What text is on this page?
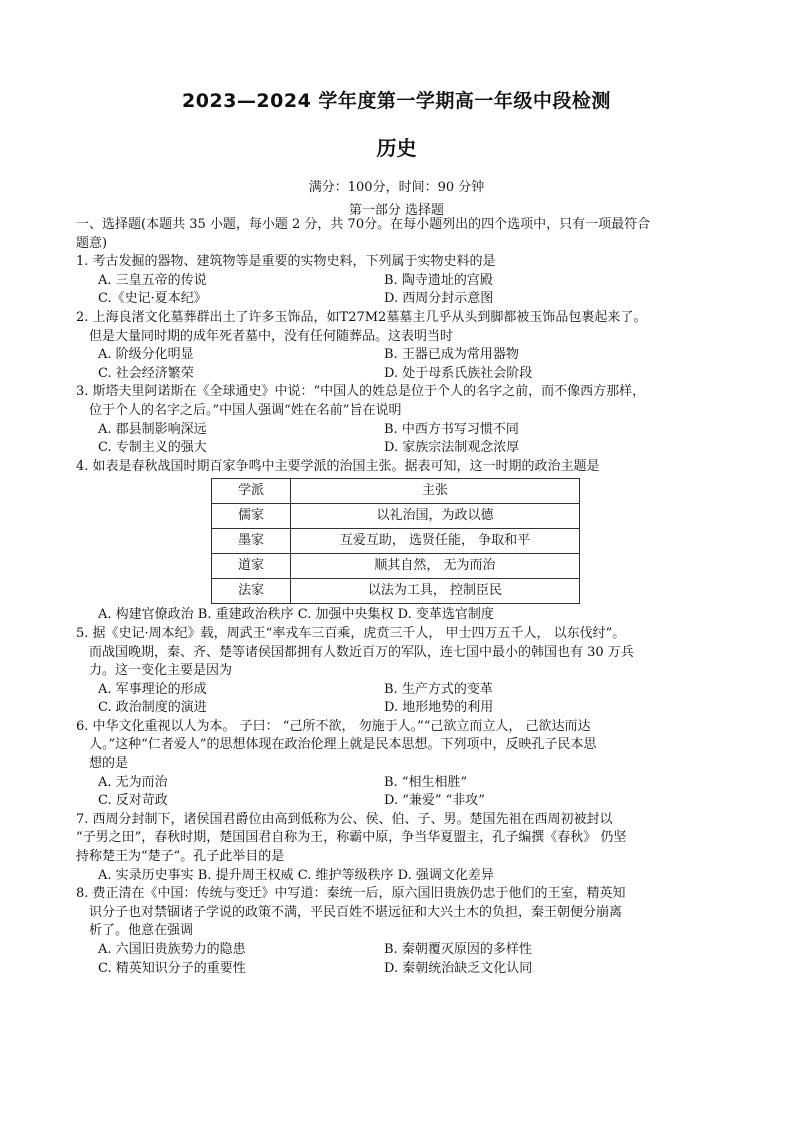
2023—2024 学年度第一学期高一年级中段检测
历史
满分：100分，时间：90 分钟
第一部分 选择题
一、选择题(本题共 35 小题，每小题 2 分，共 70分。在每小题列出的四个选项中，只有一项最符合
题意)
1. 考古发掘的器物、建筑物等是重要的实物史料，下列属于实物史料的是
A. 三皇五帝的传说	B. 陶寺遗址的宫殿
C.《史记·夏本纪》	D. 西周分封示意图
2. 上海良渚文化墓葬群出土了许多玉饰品，如T27M2墓墓主几乎从头到脚都被玉饰品包裹起来了。
但是大量同时期的成年死者墓中，没有任何随葬品。这表明当时
A. 阶级分化明显	B. 王器已成为常用器物
C. 社会经济繁荣	D. 处于母系氏族社会阶段
3. 斯塔夫里阿诺斯在《全球通史》中说：“中国人的姓总是位于个人的名字之前，而不像西方那样，
位于个人的名字之后。”中国人强调“姓在名前”旨在说明
A. 郡县制影响深远	B. 中西方书写习惯不同
C. 专制主义的强大	D. 家族宗法制观念浓厚
4. 如表是春秋战国时期百家争鸣中主要学派的治国主张。据表可知，这一时期的政治主题是
学派	主张
儒家	以礼治国，为政以德
墨家	互爱互助， 选贤任能， 争取和平
道家	顺其自然， 无为而治
法家	以法为工具， 控制臣民
A. 构建官僚政治 B. 重建政治秩序 C. 加强中央集权 D. 变革选官制度
5. 据《史记·周本纪》载，周武王“率戎车三百乘，虎贲三千人， 甲士四万五千人， 以东伐纣”。
而战国晚期，秦、齐、楚等诸侯国都拥有人数近百万的军队，连七国中最小的韩国也有 30 万兵
力。这一变化主要是因为
A. 军事理论的形成	B. 生产方式的变革
C. 政治制度的演进	D. 地形地势的利用
6. 中华文化重视以人为本。 子曰： “己所不欲， 勿施于人。”“己欲立而立人， 己欲达而达
人。”这种“仁者爱人”的思想体现在政治伦理上就是民本思想。下列项中，反映孔子民本思
想的是
A. 无为而治	B. “相生相胜”
C. 反对苛政	D. “兼爱” “非攻”
7. 西周分封制下，诸侯国君爵位由高到低称为公、侯、伯、子、男。楚国先祖在西周初被封以
“子男之田”，春秋时期，楚国国君自称为王，称霸中原，争当华夏盟主，孔子编撰《春秋》 仍坚
持称楚王为“楚子”。孔子此举目的是
A. 实录历史事实 B. 提升周王权威 C. 维护等级秩序 D. 强调文化差异
8. 费正清在《中国：传统与变迁》中写道：秦统一后，原六国旧贵族仍忠于他们的王室，精英知
识分子也对禁锢诸子学说的政策不满，平民百姓不堪远征和大兴土木的负担，秦王朝便分崩离
析了。他意在强调
A. 六国旧贵族势力的隐患	B. 秦朝覆灭原因的多样性
C. 精英知识分子的重要性	D. 秦朝统治缺乏文化认同
